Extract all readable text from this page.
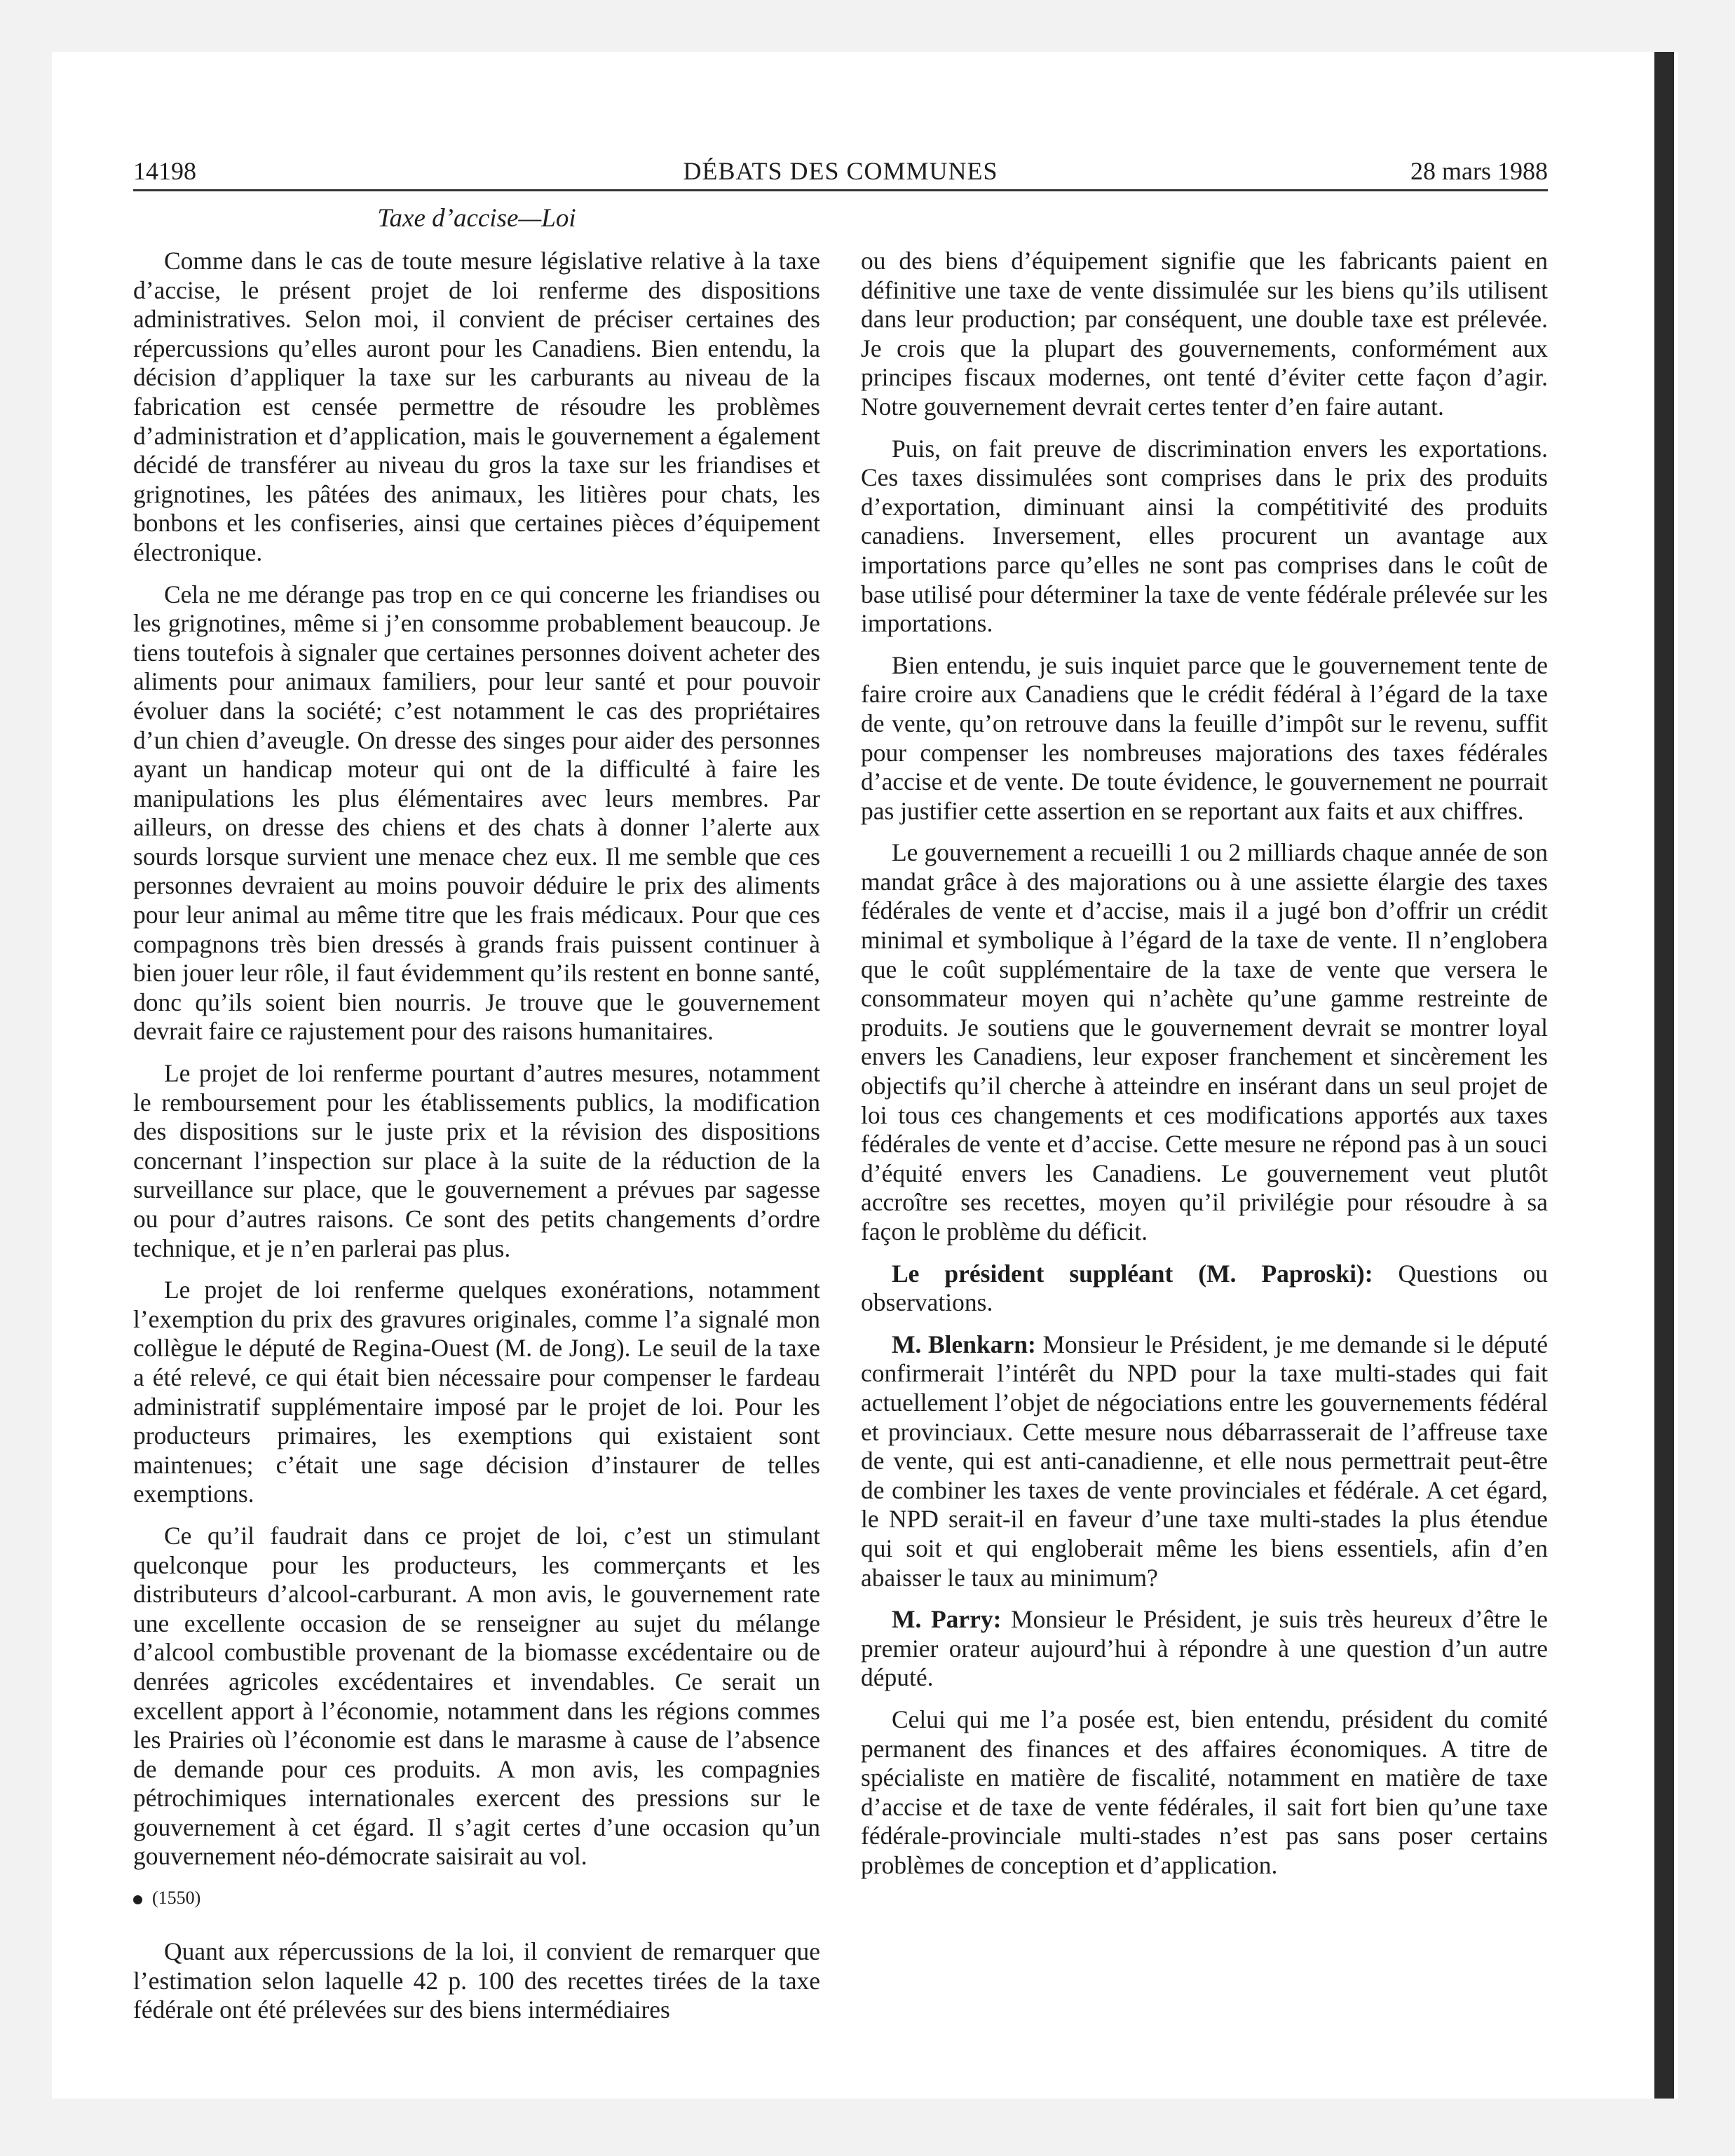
14198	DÉBATS DES COMMUNES	28 mars 1988
Taxe d’accise—Loi

Comme dans le cas de toute mesure législative relative à la taxe d’accise, le présent projet de loi renferme des dispositions administratives. Selon moi, il convient de préciser certaines des répercussions qu’elles auront pour les Canadiens. Bien entendu, la décision d’appliquer la taxe sur les carburants au niveau de la fabrication est censée permettre de résoudre les problèmes d’administration et d’application, mais le gouvernement a également décidé de transférer au niveau du gros la taxe sur les friandises et grignotines, les pâtées des animaux, les litières pour chats, les bonbons et les confiseries, ainsi que certaines pièces d’équipement électronique.

Cela ne me dérange pas trop en ce qui concerne les friandises ou les grignotines, même si j’en consomme probablement beaucoup. Je tiens toutefois à signaler que certaines personnes doivent acheter des aliments pour animaux familiers, pour leur santé et pour pouvoir évoluer dans la société; c’est notamment le cas des propriétaires d’un chien d’aveugle. On dresse des singes pour aider des personnes ayant un handicap moteur qui ont de la difficulté à faire les manipulations les plus élémentaires avec leurs membres. Par ailleurs, on dresse des chiens et des chats à donner l’alerte aux sourds lorsque survient une menace chez eux. Il me semble que ces personnes devraient au moins pouvoir déduire le prix des aliments pour leur animal au même titre que les frais médicaux. Pour que ces compagnons très bien dressés à grands frais puissent continuer à bien jouer leur rôle, il faut évidemment qu’ils restent en bonne santé, donc qu’ils soient bien nourris. Je trouve que le gouvernement devrait faire ce rajustement pour des raisons humanitaires.

Le projet de loi renferme pourtant d’autres mesures, notamment le remboursement pour les établissements publics, la modification des dispositions sur le juste prix et la révision des dispositions concernant l’inspection sur place à la suite de la réduction de la surveillance sur place, que le gouvernement a prévues par sagesse ou pour d’autres raisons. Ce sont des petits changements d’ordre technique, et je n’en parlerai pas plus.

Le projet de loi renferme quelques exonérations, notamment l’exemption du prix des gravures originales, comme l’a signalé mon collègue le député de Regina-Ouest (M. de Jong). Le seuil de la taxe a été relevé, ce qui était bien nécessaire pour compenser le fardeau administratif supplémentaire imposé par le projet de loi. Pour les producteurs primaires, les exemptions qui existaient sont maintenues; c’était une sage décision d’instaurer de telles exemptions.

Ce qu’il faudrait dans ce projet de loi, c’est un stimulant quelconque pour les producteurs, les commerçants et les distributeurs d’alcool-carburant. A mon avis, le gouvernement rate une excellente occasion de se renseigner au sujet du mélange d’alcool combustible provenant de la biomasse excédentaire ou de denrées agricoles excédentaires et invendables. Ce serait un excellent apport à l’économie, notamment dans les régions commes les Prairies où l’économie est dans le marasme à cause de l’absence de demande pour ces produits. A mon avis, les compagnies pétrochimiques internationales exercent des pressions sur le gouvernement à cet égard. Il s’agit certes d’une occasion qu’un gouvernement néo-démocrate saisirait au vol.

(1550)

Quant aux répercussions de la loi, il convient de remarquer que l’estimation selon laquelle 42 p. 100 des recettes tirées de la taxe fédérale ont été prélevées sur des biens intermédiaires

ou des biens d’équipement signifie que les fabricants paient en définitive une taxe de vente dissimulée sur les biens qu’ils utilisent dans leur production; par conséquent, une double taxe est prélevée. Je crois que la plupart des gouvernements, conformément aux principes fiscaux modernes, ont tenté d’éviter cette façon d’agir. Notre gouvernement devrait certes tenter d’en faire autant.

Puis, on fait preuve de discrimination envers les exportations. Ces taxes dissimulées sont comprises dans le prix des produits d’exportation, diminuant ainsi la compétitivité des produits canadiens. Inversement, elles procurent un avantage aux importations parce qu’elles ne sont pas comprises dans le coût de base utilisé pour déterminer la taxe de vente fédérale prélevée sur les importations.

Bien entendu, je suis inquiet parce que le gouvernement tente de faire croire aux Canadiens que le crédit fédéral à l’égard de la taxe de vente, qu’on retrouve dans la feuille d’impôt sur le revenu, suffit pour compenser les nombreuses majorations des taxes fédérales d’accise et de vente. De toute évidence, le gouvernement ne pourrait pas justifier cette assertion en se reportant aux faits et aux chiffres.

Le gouvernement a recueilli 1 ou 2 milliards chaque année de son mandat grâce à des majorations ou à une assiette élargie des taxes fédérales de vente et d’accise, mais il a jugé bon d’offrir un crédit minimal et symbolique à l’égard de la taxe de vente. Il n’englobera que le coût supplémentaire de la taxe de vente que versera le consommateur moyen qui n’achète qu’une gamme restreinte de produits. Je soutiens que le gouvernement devrait se montrer loyal envers les Canadiens, leur exposer franchement et sincèrement les objectifs qu’il cherche à atteindre en insérant dans un seul projet de loi tous ces changements et ces modifications apportés aux taxes fédérales de vente et d’accise. Cette mesure ne répond pas à un souci d’équité envers les Canadiens. Le gouvernement veut plutôt accroître ses recettes, moyen qu’il privilégie pour résoudre à sa façon le problème du déficit.

Le président suppléant (M. Paproski): Questions ou observations.

M. Blenkarn: Monsieur le Président, je me demande si le député confirmerait l’intérêt du NPD pour la taxe multi-stades qui fait actuellement l’objet de négociations entre les gouvernements fédéral et provinciaux. Cette mesure nous débarrasserait de l’affreuse taxe de vente, qui est anti-canadienne, et elle nous permettrait peut-être de combiner les taxes de vente provinciales et fédérale. A cet égard, le NPD serait-il en faveur d’une taxe multi-stades la plus étendue qui soit et qui engloberait même les biens essentiels, afin d’en abaisser le taux au minimum?

M. Parry: Monsieur le Président, je suis très heureux d’être le premier orateur aujourd’hui à répondre à une question d’un autre député.

Celui qui me l’a posée est, bien entendu, président du comité permanent des finances et des affaires économiques. A titre de spécialiste en matière de fiscalité, notamment en matière de taxe d’accise et de taxe de vente fédérales, il sait fort bien qu’une taxe fédérale-provinciale multi-stades n’est pas sans poser certains problèmes de conception et d’application.
